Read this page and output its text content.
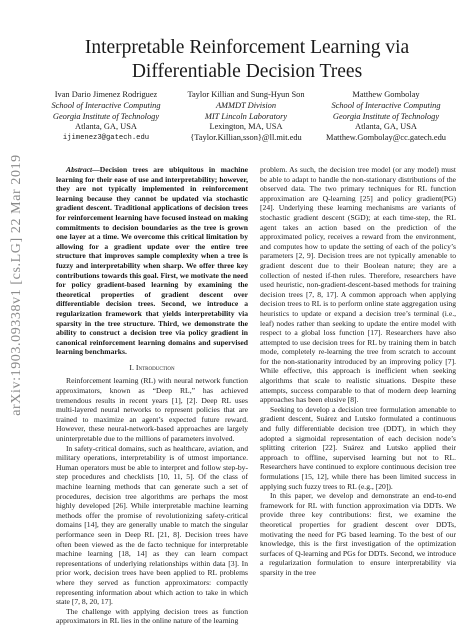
arXiv:1903.09338v1 [cs.LG] 22 Mar 2019
Interpretable Reinforcement Learning via
Differentiable Decision Trees
Ivan Dario Jimenez Rodriguez
School of Interactive Computing
Georgia Institute of Technology
Atlanta, GA, USA
ijimenez3@gatech.edu
Taylor Killian and Sung-Hyun Son
AMMDT Division
MIT Lincoln Laboratory
Lexington, MA, USA
{Taylor.Killian,sson}@ll.mit.edu
Matthew Gombolay
School of Interactive Computing
Georgia Institute of Technology
Atlanta, GA, USA
Matthew.Gombolay@cc.gatech.edu

Abstract—Decision trees are ubiquitous in machine learning for their ease of use and interpretability; however, they are not typically implemented in reinforcement learning because they cannot be updated via stochastic gradient descent. Traditional applications of decision trees for reinforcement learning have focused instead on making commitments to decision boundaries as the tree is grown one layer at a time. We overcome this critical limitation by allowing for a gradient update over the entire tree structure that improves sample complexity when a tree is fuzzy and interpretability when sharp. We offer three key contributions towards this goal. First, we motivate the need for policy gradient-based learning by examining the theoretical properties of gradient descent over differentiable decision trees. Second, we introduce a regularization framework that yields interpretability via sparsity in the tree structure. Third, we demonstrate the ability to construct a decision tree via policy gradient in canonical reinforcement learning domains and supervised learning benchmarks.

I. Introduction

Reinforcement learning (RL) with neural network function approximators, known as “Deep RL,” has achieved tremendous results in recent years [1], [2]. Deep RL uses multi-layered neural networks to represent policies that are trained to maximize an agent’s expected future reward. However, these neural-network-based approaches are largely uninterpretable due to the millions of parameters involved.

In safety-critical domains, such as healthcare, aviation, and military operations, interpretability is of utmost importance. Human operators must be able to interpret and follow step-by-step procedures and checklists [10, 11, 5]. Of the class of machine learning methods that can generate such a set of procedures, decision tree algorithms are perhaps the most highly developed [26]. While interpretable machine learning methods offer the promise of revolutionizing safety-critical domains [14], they are generally unable to match the singular performance seen in Deep RL [21, 8]. Decision trees have often been viewed as the de facto technique for interpretable machine learning [18, 14] as they can learn compact representations of underlying relationships within data [3]. In prior work, decision trees have been applied to RL problems where they served as function approximators: compactly representing information about which action to take in which state [7, 8, 20, 17].

The challenge with applying decision trees as function approximators in RL lies in the online nature of the learning

problem. As such, the decision tree model (or any model) must be able to adapt to handle the non-stationary distributions of the observed data. The two primary techniques for RL function approximation are Q-learning [25] and policy gradient(PG) [24]. Underlying these learning mechanisms are variants of stochastic gradient descent (SGD); at each time-step, the RL agent takes an action based on the prediction of the approximated policy, receives a reward from the environment, and computes how to update the setting of each of the policy’s parameters [2, 9]. Decision trees are not typically amenable to gradient descent due to their Boolean nature; they are a collection of nested if-then rules. Therefore, researchers have used heuristic, non-gradient-descent-based methods for training decision trees [7, 8, 17]. A common approach when applying decision trees to RL is to perform online state aggregation using heuristics to update or expand a decision tree’s terminal (i.e., leaf) nodes rather than seeking to update the entire model with respect to a global loss function [17]. Researchers have also attempted to use decision trees for RL by training them in batch mode, completely re-learning the tree from scratch to account for the non-stationarity introduced by an improving policy [7]. While effective, this approach is inefficient when seeking algorithms that scale to realistic situations. Despite these attempts, success comparable to that of modern deep learning approaches has been elusive [8].

Seeking to develop a decision tree formulation amenable to gradient descent, Suárez and Lutsko formulated a continuous and fully differentiable decision tree (DDT), in which they adopted a sigmoidal representation of each decision node’s splitting criterion [22]. Suárez and Lutsko applied their approach to offline, supervised learning but not to RL. Researchers have continued to explore continuous decision tree formulations [15, 12], while there has been limited success in applying such fuzzy trees to RL (e.g., [20]).

In this paper, we develop and demonstrate an end-to-end framework for RL with function approximation via DDTs. We provide three key contributions: first, we examine the theoretical properties for gradient descent over DDTs, motivating the need for PG based learning. To the best of our knowledge, this is the first investigation of the optimization surfaces of Q-learning and PGs for DDTs. Second, we introduce a regularization formulation to ensure interpretability via sparsity in the tree
